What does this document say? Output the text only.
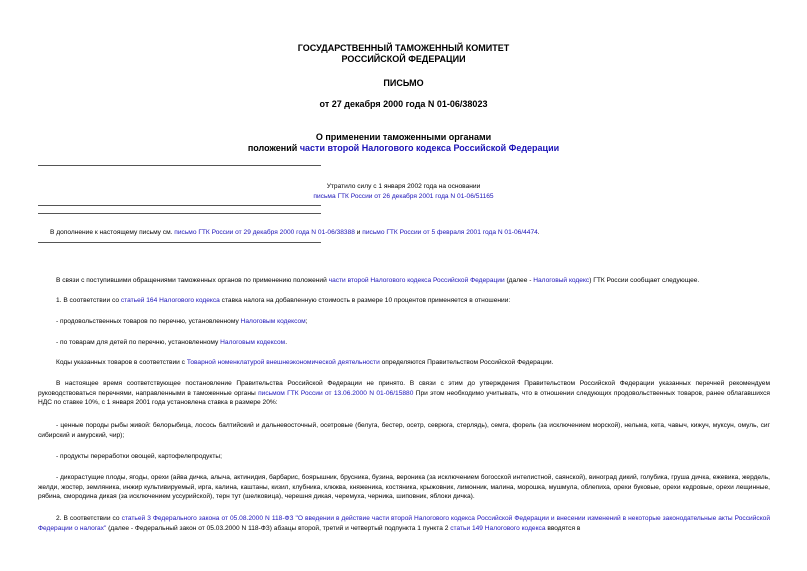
ГОСУДАРСТВЕННЫЙ ТАМОЖЕННЫЙ КОМИТЕТ
РОССИЙСКОЙ ФЕДЕРАЦИИ
ПИСЬМО
от 27 декабря 2000 года N 01-06/38023
О применении таможенными органами
положений части второй Налогового кодекса Российской Федерации
Утратило силу с 1 января 2002 года на основании
письма ГТК России от 26 декабря 2001 года N 01-06/51165
В дополнение к настоящему письму см. письмо ГТК России от 29 декабря 2000 года N 01-06/38388 и письмо ГТК России от 5 февраля 2001 года N 01-06/4474.

В связи с поступившими обращениями таможенных органов по применению положений части второй Налогового кодекса Российской Федерации (далее - Налоговый кодекс) ГТК России сообщает следующее.

1. В соответствии со статьей 164 Налогового кодекса ставка налога на добавленную стоимость в размере 10 процентов применяется в отношении:

- продовольственных товаров по перечню, установленному Налоговым кодексом;

- по товарам для детей по перечню, установленному Налоговым кодексом.

Коды указанных товаров в соответствии с Товарной номенклатурой внешнеэкономической деятельности определяются Правительством Российской Федерации.

В настоящее время соответствующее постановление Правительства Российской Федерации не принято. В связи с этим до утверждения Правительством Российской Федерации указанных перечней рекомендуем руководствоваться перечнями, направленными в таможенные органы письмом ГТК России от 13.06.2000 N 01-06/15880 При этом необходимо учитывать, что в отношении следующих продовольственных товаров, ранее облагавшихся НДС по ставке 10%, с 1 января 2001 года установлена ставка в размере 20%:

- ценные породы рыбы живой: белорыбица, лосось балтийский и дальневосточный, осетровые (белуга, бестер, осетр, севрюга, стерлядь), семга, форель (за исключением морской), нельма, кета, чавыч, кижуч, муксун, омуль, сиг сибирский и амурский, чир);

- продукты переработки овощей, картофелепродукты;

- дикорастущие плоды, ягоды, орехи (айва дичка, алыча, актинидия, барбарис, боярышник, брусника, бузина, вероника (за исключением богосской интелистной, саянской), виноград дикий, голубика, груша дичка, ежевика, жердель, желди, жостер, земляника, инжир культивируемый, ирга, калина, каштаны, кизил, клубника, клюква, княженика, костяника, крыжовник, лимонник, малина, морошка, мушмула, облепиха, орехи буковые, орехи кедровые, орехи лещинные, рябина, смородина дикая (за исключением уссурийской), терн тут (шелковица), черешня дикая, черемуха, черника, шиповник, яблоки дичка).

2. В соответствии со статьей 3 Федерального закона от 05.08.2000 N 118-ФЗ "О введении в действие части второй Налогового кодекса Российской Федерации и внесении изменений в некоторые законодательные акты Российской Федерации о налогах" (далее - Федеральный закон от 05.03.2000 N 118-ФЗ) абзацы второй, третий и четвертый подпункта 1 пункта 2 статьи 149 Налогового кодекса вводятся в
